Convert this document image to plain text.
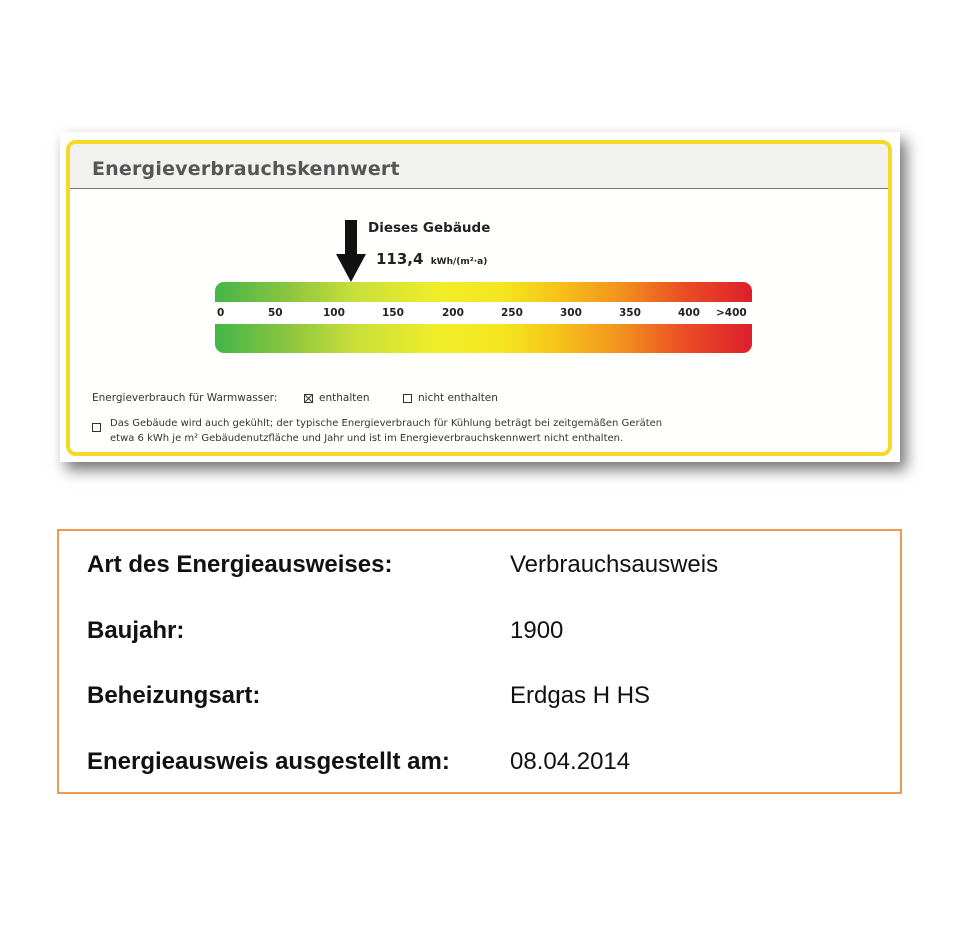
Energieverbrauchskennwert
Dieses Gebäude
113,4 kWh/(m²·a)
0	50	100	150	200	250	300	350	400 >400
Energieverbrauch für Warmwasser:	enthalten	nicht enthalten
Das Gebäude wird auch gekühlt; der typische Energieverbrauch für Kühlung beträgt bei zeitgemäßen Geräten
etwa 6 kWh je m² Gebäudenutzfläche und Jahr und ist im Energieverbrauchskennwert nicht enthalten.
Art des Energieausweises:	Verbrauchsausweis
Baujahr:	1900
Beheizungsart:	Erdgas H HS
Energieausweis ausgestellt am:	08.04.2014
